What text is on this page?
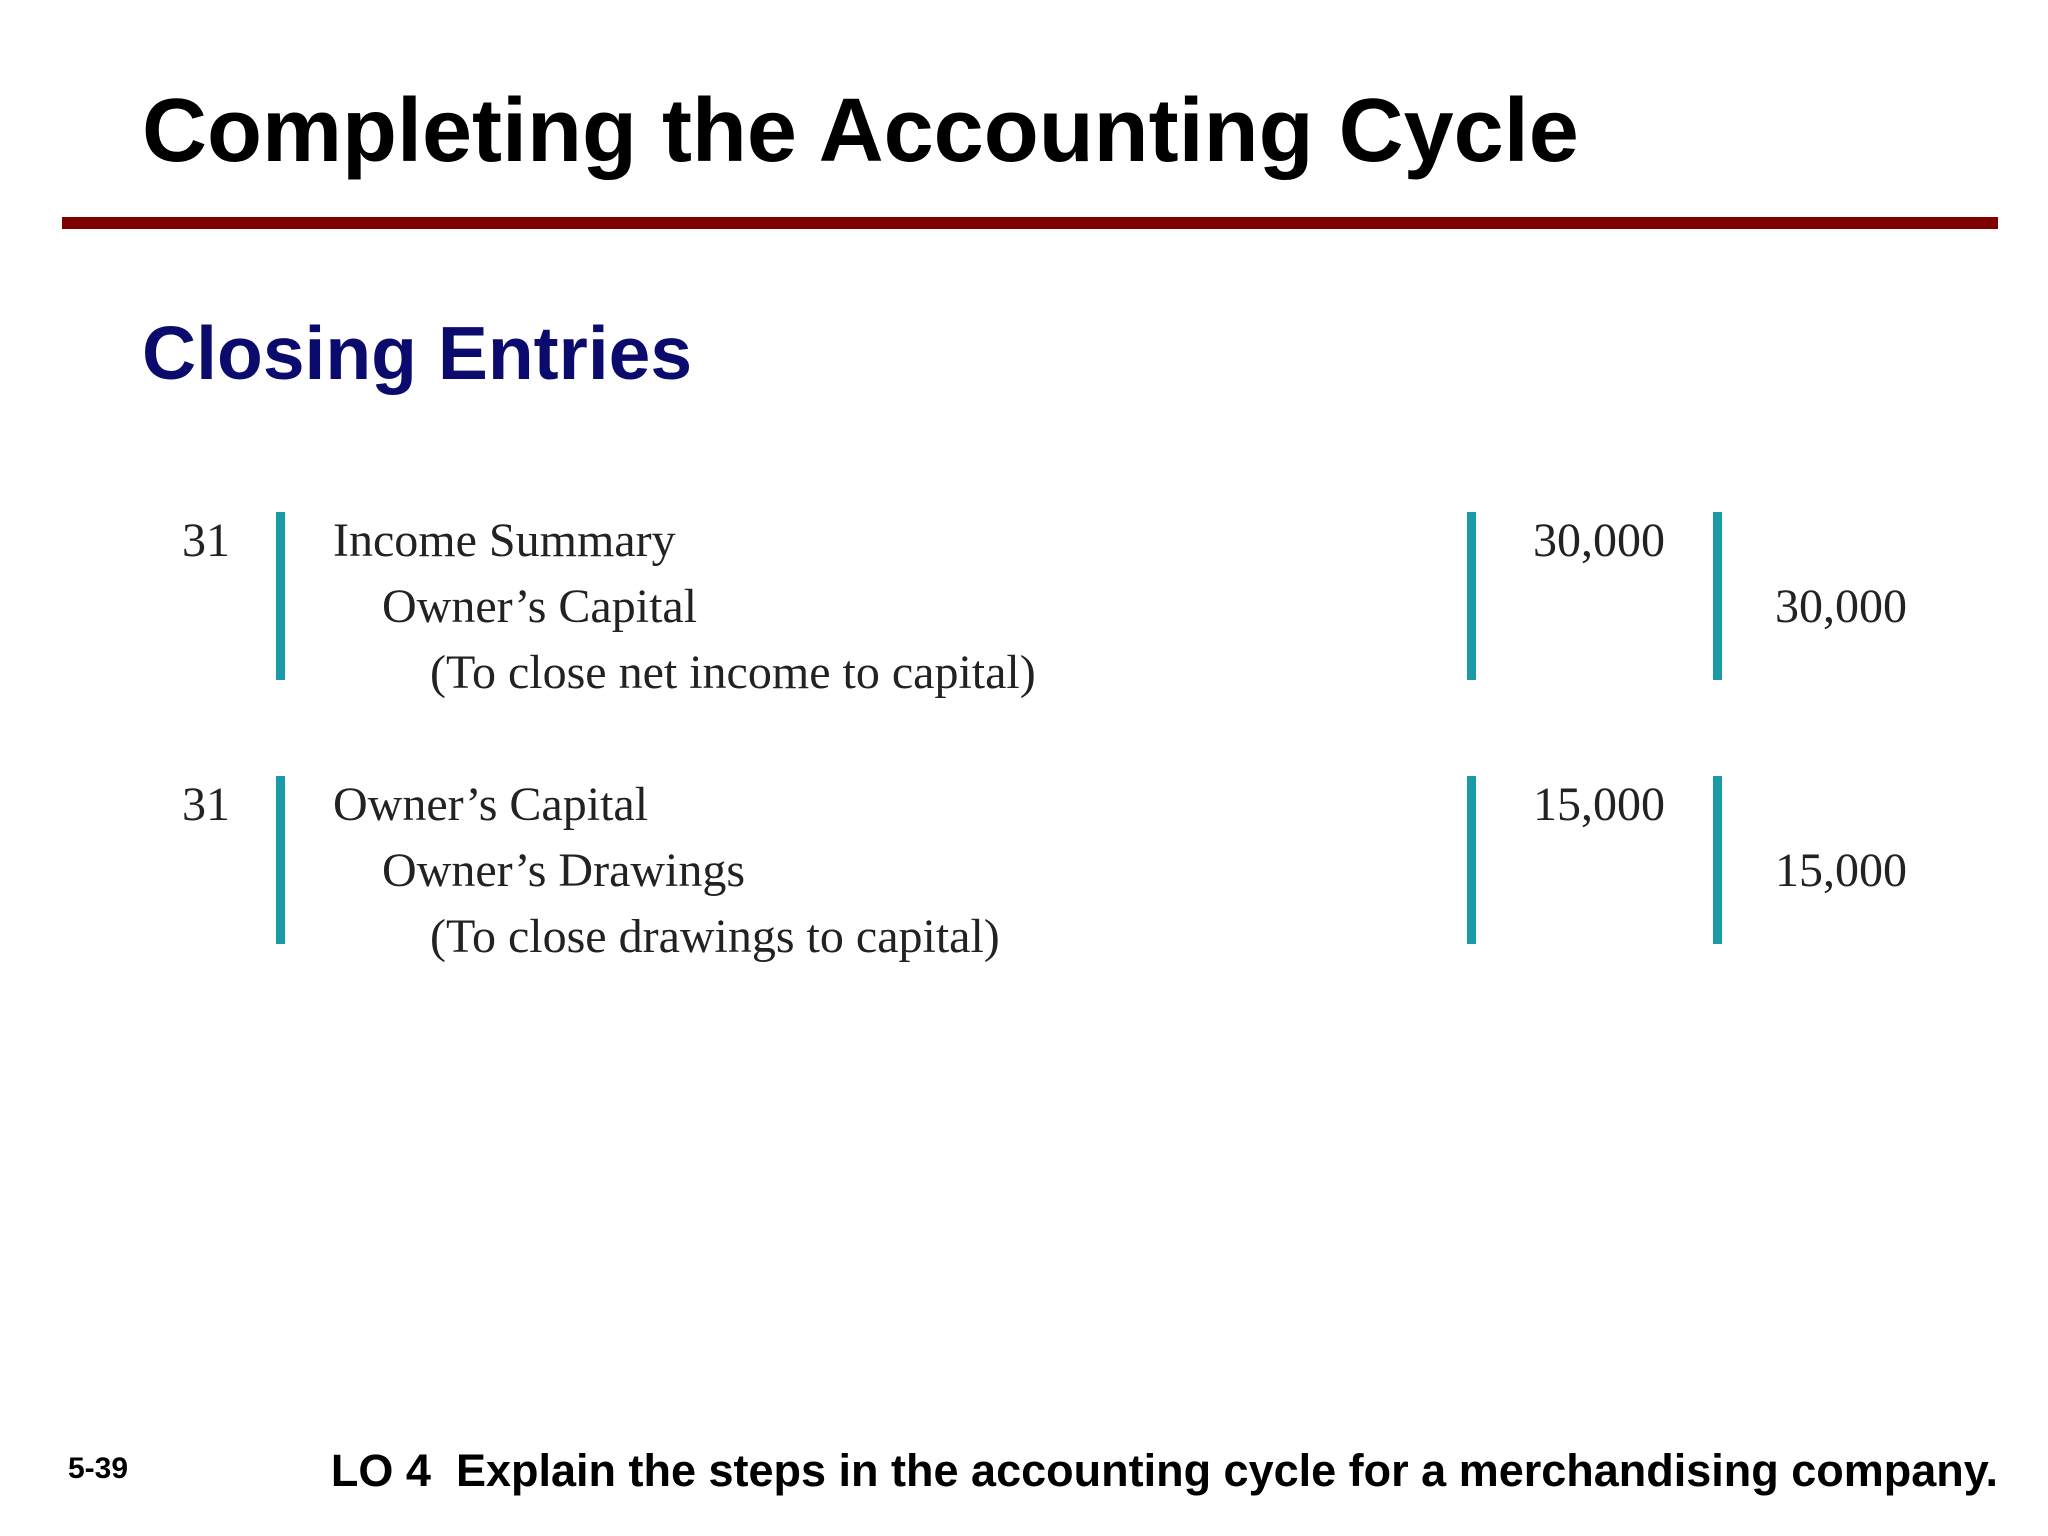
Completing the Accounting Cycle
Closing Entries
31 Income Summary
Owner’s Capital
(To close net income to capital)
30,000
30,000
31 Owner’s Capital
Owner’s Drawings
(To close drawings to capital)
15,000
15,000
5-39	LO 4  Explain the steps in the accounting cycle for a merchandising company.
